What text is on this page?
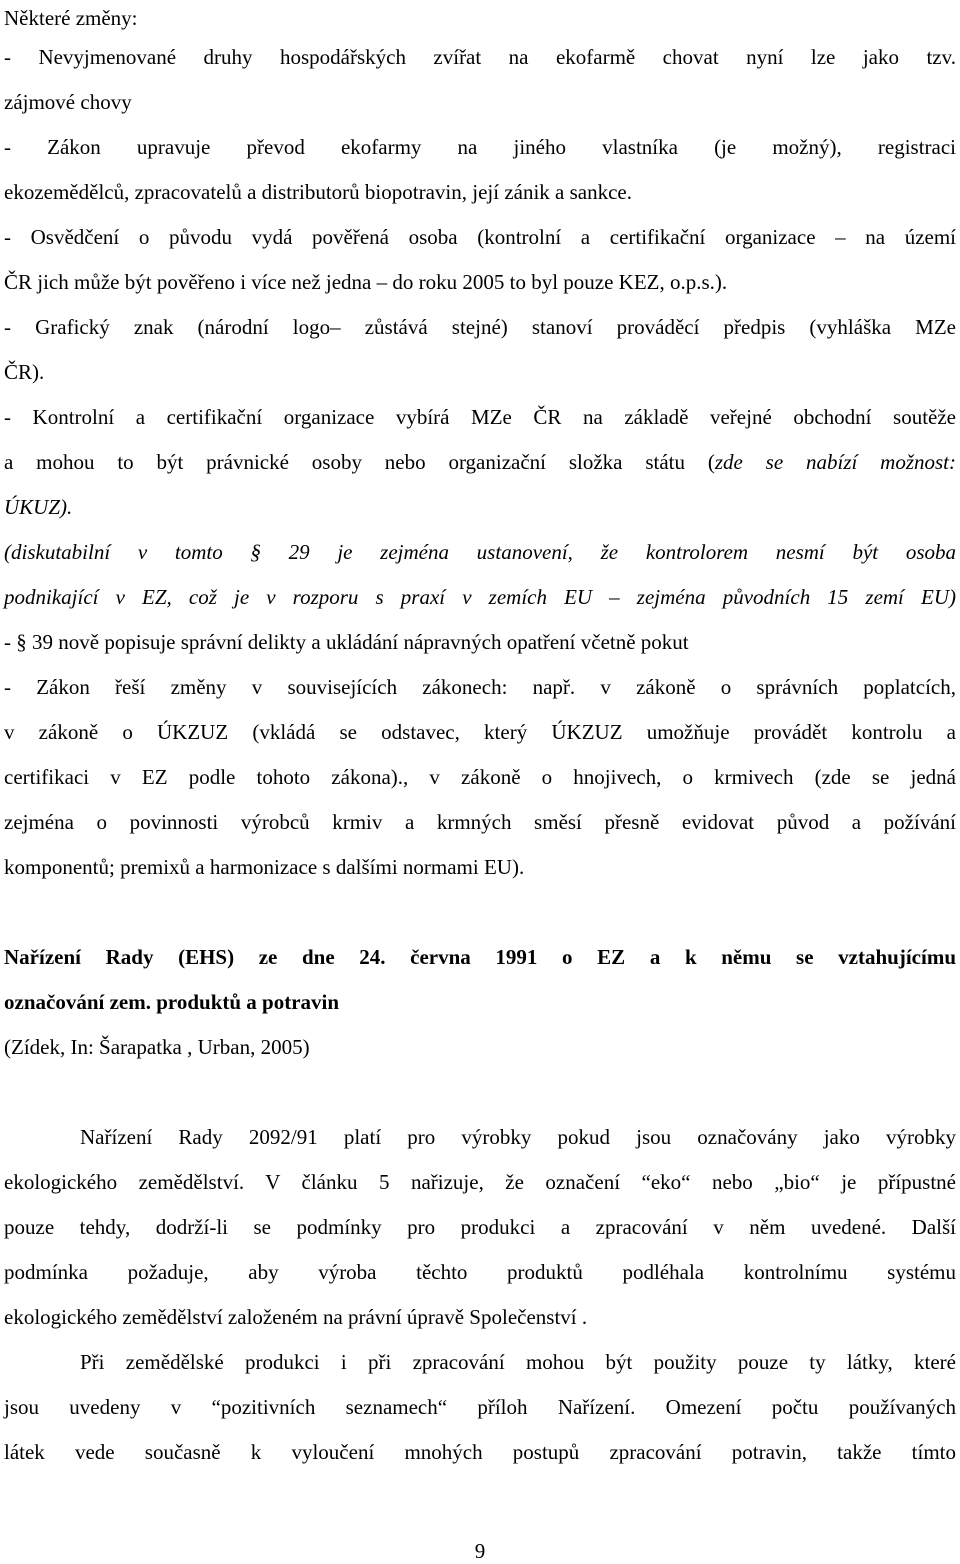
Některé změny:
- Nevyjmenované druhy hospodářských zvířat na ekofarmě chovat nyní lze jako tzv.
zájmové chovy
- Zákon upravuje převod ekofarmy na jiného vlastníka (je možný), registraci
ekozemědělců, zpracovatelů a distributorů biopotravin, její zánik a sankce.
- Osvědčení o původu vydá pověřená osoba (kontrolní a certifikační organizace – na území
ČR jich může být pověřeno i více než jedna – do roku 2005 to byl pouze KEZ, o.p.s.).
- Grafický znak (národní logo– zůstává stejné) stanoví prováděcí předpis (vyhláška MZe
ČR).
- Kontrolní a certifikační organizace vybírá MZe ČR na základě veřejné obchodní soutěže
a mohou to být právnické osoby nebo organizační složka státu (zde se nabízí možnost:
ÚKUZ).
(diskutabilní v tomto § 29 je zejména ustanovení, že kontrolorem nesmí být osoba
podnikající v EZ, což je v rozporu s praxí v zemích EU – zejména původních 15 zemí EU)
- § 39 nově popisuje správní delikty a ukládání nápravných opatření včetně pokut
- Zákon řeší změny v souvisejících zákonech: např. v zákoně o správních poplatcích,
v zákoně o ÚKZUZ (vkládá se odstavec, který ÚKZUZ umožňuje provádět kontrolu a
certifikaci v EZ podle tohoto zákona)., v zákoně o hnojivech, o krmivech (zde se jedná
zejména o povinnosti výrobců krmiv a krmných směsí přesně evidovat původ a požívání
komponentů; premixů a harmonizace s dalšími normami EU).
Nařízení Rady (EHS) ze dne 24. června 1991 o EZ a k němu se vztahujícímu
označování zem. produktů a potravin
(Zídek, In: Šarapatka , Urban, 2005)
Nařízení Rady 2092/91 platí pro výrobky pokud jsou označovány jako výrobky
ekologického zemědělství. V článku 5 nařizuje, že označení “eko“ nebo „bio“ je přípustné
pouze tehdy, dodrží-li se podmínky pro produkci a zpracování v něm uvedené. Další
podmínka požaduje, aby výroba těchto produktů podléhala kontrolnímu systému
ekologického zemědělství založeném na právní úpravě Společenství .
Při zemědělské produkci i při zpracování mohou být použity pouze ty látky, které
jsou uvedeny v “pozitivních seznamech“ příloh Nařízení. Omezení počtu používaných
látek vede současně k vyloučení mnohých postupů zpracování potravin, takže tímto
9
